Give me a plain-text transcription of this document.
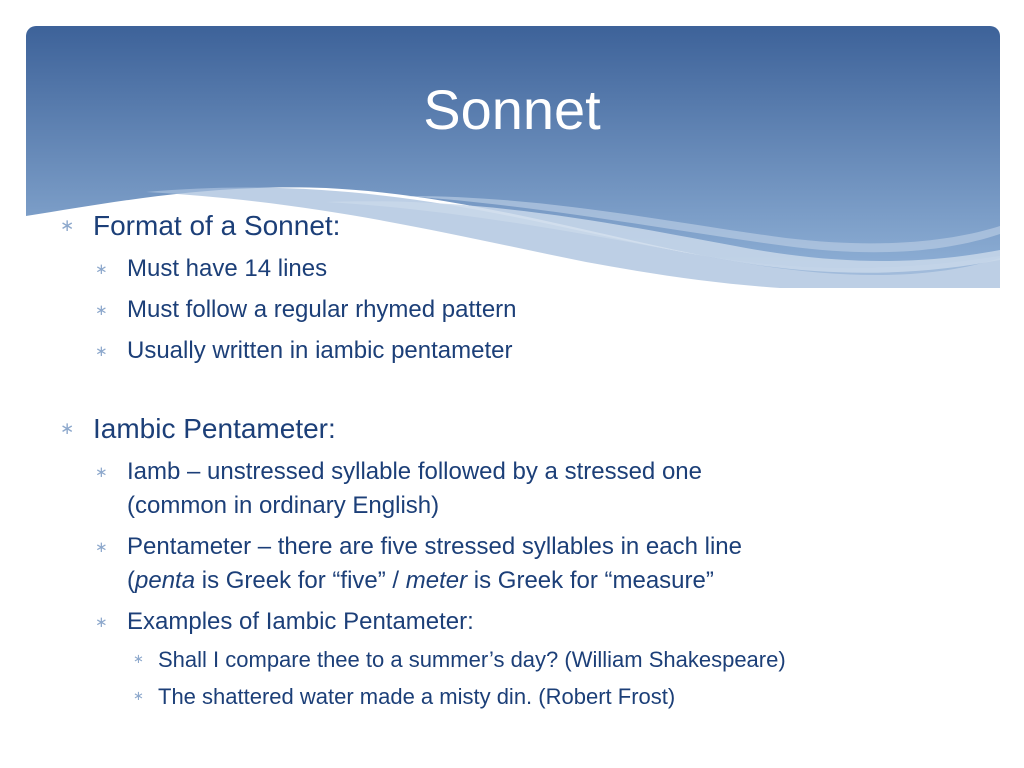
Sonnet
∗ Format of a Sonnet:
∗ Must have 14 lines
∗ Must follow a regular rhymed pattern
∗ Usually written in iambic pentameter
∗ Iambic Pentameter:
∗ Iamb – unstressed syllable followed by a stressed one
(common in ordinary English)
∗ Pentameter – there are five stressed syllables in each line
(penta is Greek for “five” / meter is Greek for “measure”
∗ Examples of Iambic Pentameter:
∗ Shall I compare thee to a summer’s day? (William Shakespeare)
∗ The shattered water made a misty din. (Robert Frost)
